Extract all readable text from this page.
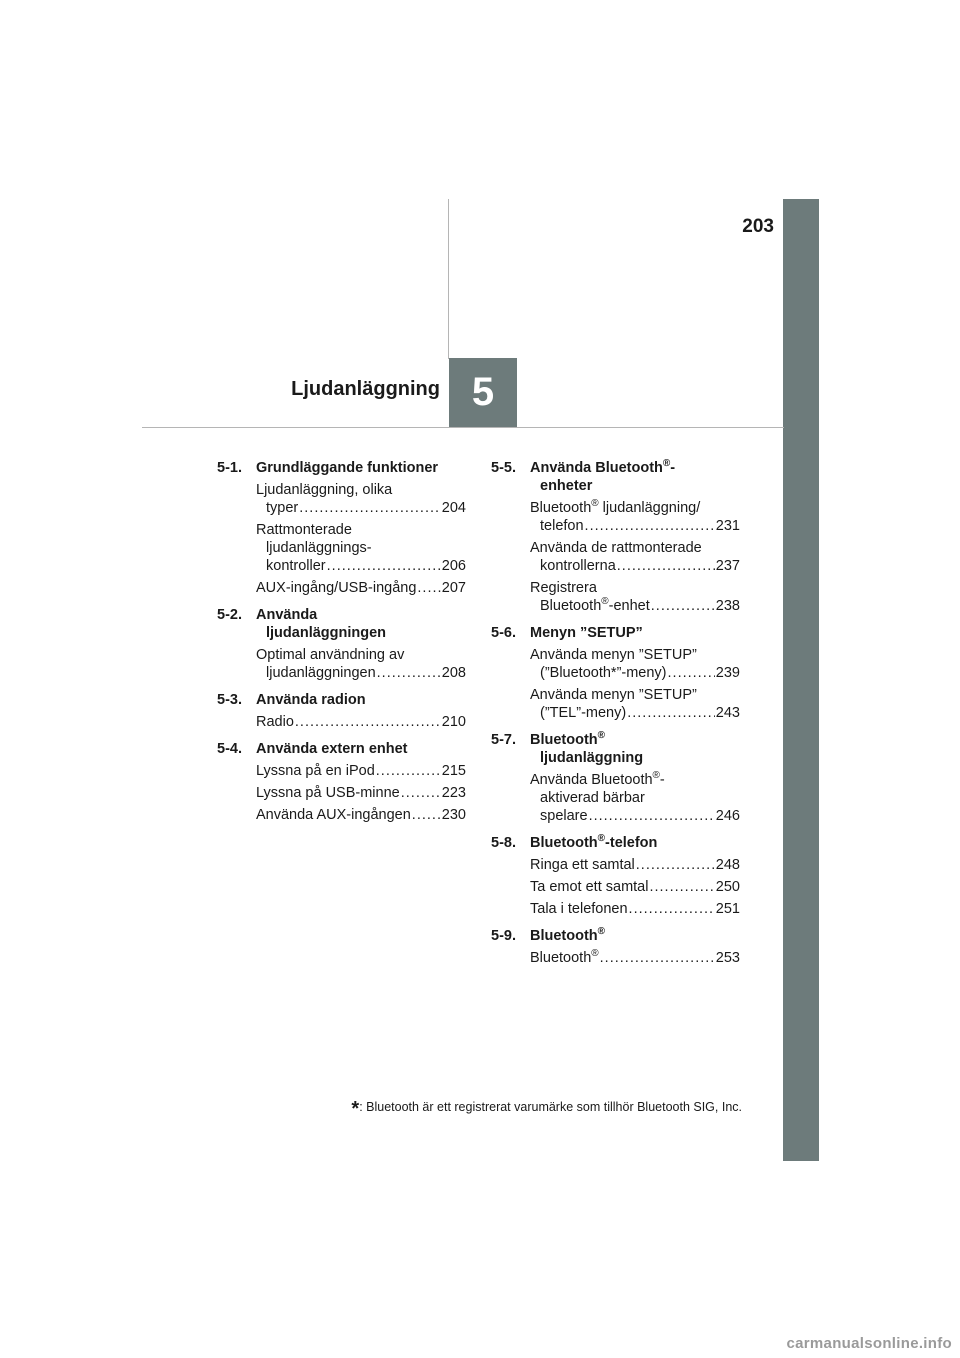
203
5
Ljudanläggning
5-1. Grundläggande funktioner
Ljudanläggning, olika
typer .....	204
Rattmonterade
ljudanläggnings-
kontroller .....	206
AUX-ingång/USB-ingång ..... 207
5-2. Använda
ljudanläggningen
Optimal användning av
ljudanläggningen .....	208
5-3. Använda radion
Radio .....	210
5-4. Använda extern enhet
Lyssna på en iPod .....	215
Lyssna på USB-minne .....	223
Använda AUX-ingången ..... 230
5-5. Använda Bluetooth®-
enheter
Bluetooth® ljudanläggning/
telefon .....	231
Använda de rattmonterade
kontrollerna .....	237
Registrera
Bluetooth®-enhet .....	238
5-6. Menyn ”SETUP”
Använda menyn ”SETUP”
(”Bluetooth*”-meny) .....	239
Använda menyn ”SETUP”
(”TEL”-meny) .....	243
5-7. Bluetooth®
ljudanläggning
Använda Bluetooth®-
aktiverad bärbar
spelare .....	246
5-8. Bluetooth®-telefon
Ringa ett samtal .....	248
Ta emot ett samtal .....	250
Tala i telefonen .....	251
5-9. Bluetooth®
Bluetooth® .....	253
*: Bluetooth är ett registrerat varumärke som tillhör Bluetooth SIG, Inc.
carmanualsonline.info
